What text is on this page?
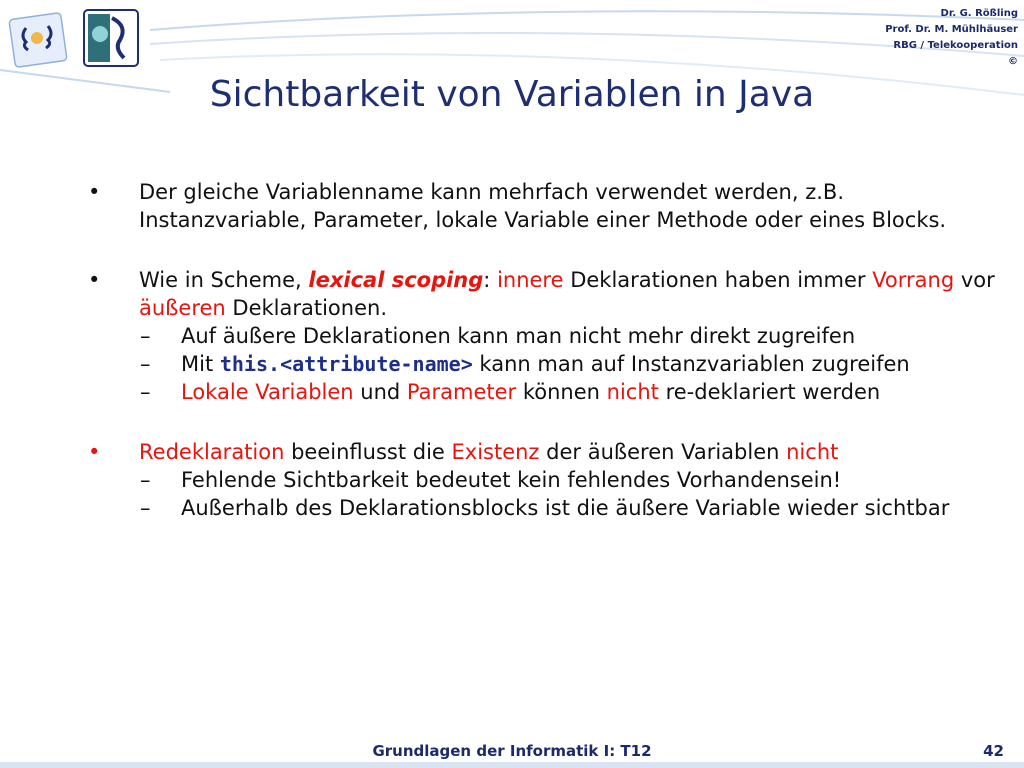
Dr. G. Rößling
Prof. Dr. M. Mühlhäuser
RBG / Telekooperation
©
Sichtbarkeit von Variablen in Java
•	Der gleiche Variablenname kann mehrfach verwendet werden, z.B. Instanzvariable, Parameter, lokale Variable einer Methode oder eines Blocks.
•	Wie in Scheme, lexical scoping: innere Deklarationen haben immer Vorrang vor äußeren Deklarationen.
–	Auf äußere Deklarationen kann man nicht mehr direkt zugreifen
–	Mit this.<attribute-name> kann man auf Instanzvariablen zugreifen
–	Lokale Variablen und Parameter können nicht re-deklariert werden
•	Redeklaration beeinflusst die Existenz der äußeren Variablen nicht
–	Fehlende Sichtbarkeit bedeutet kein fehlendes Vorhandensein!
–	Außerhalb des Deklarationsblocks ist die äußere Variable wieder sichtbar
Grundlagen der Informatik I: T12	42
